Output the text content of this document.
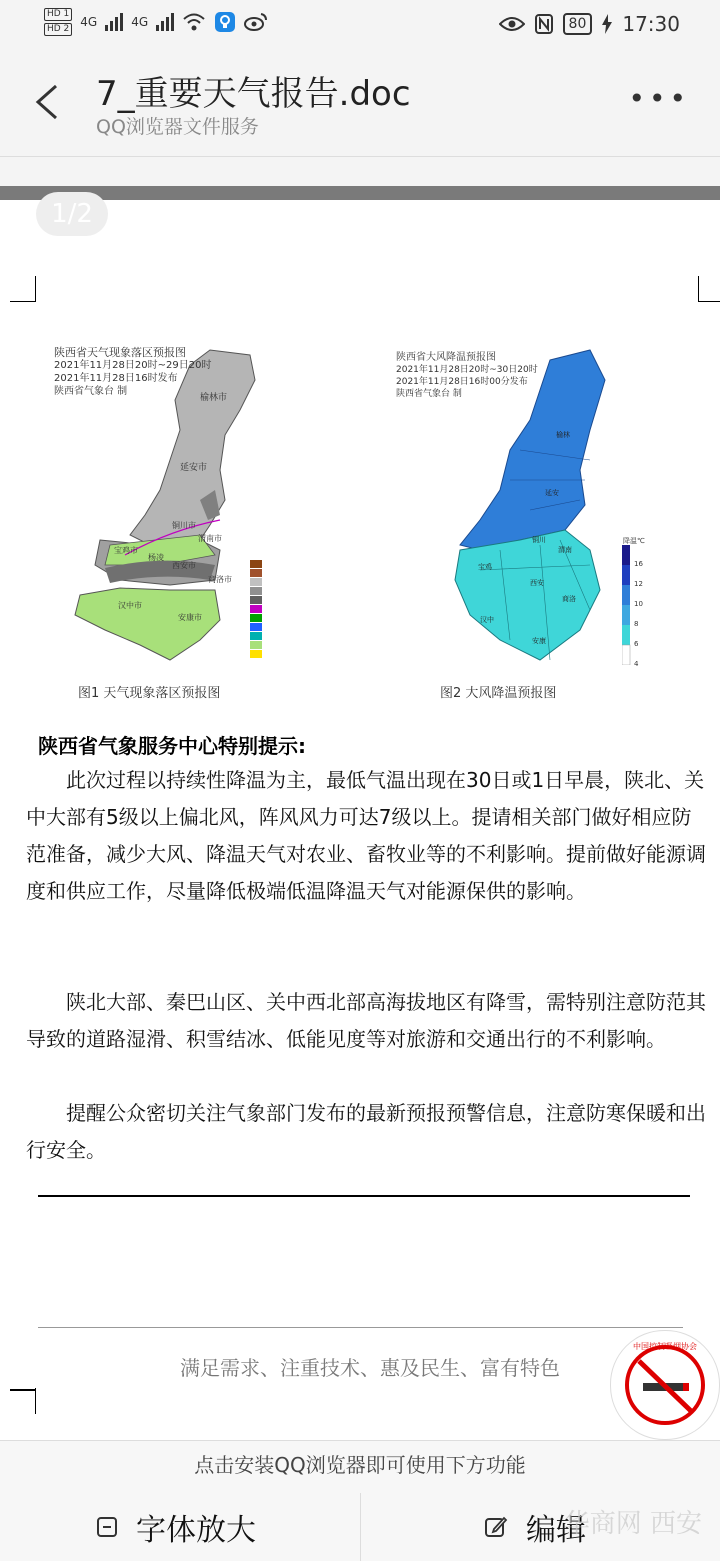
HD 1
HD 2 4G	4G	80	17:30
7_重要天气报告.doc
QQ浏览器文件服务
•••
1/2
陕西省天气现象落区预报图
2021年11月28日20时~29日20时
2021年11月28日16时发布
陕西省气象台 制
榆林市
延安市
铜川市
渭南市
宝鸡市
杨凌
西安市
商洛市
汉中市
安康市
图1 天气现象落区预报图
陕西省大风降温预报图
2021年11月28日20时~30日20时
2021年11月28日16时00分发布
陕西省气象台 制
榆林
延安
铜川
渭南
宝鸡
西安
商洛
汉中
安康
降温℃
16
12
10
8
6
4
图2 大风降温预报图
陕西省气象服务中心特别提示:
此次过程以持续性降温为主，最低气温出现在30日或1日早晨，陕北、关中大部有5级以上偏北风，阵风风力可达7级以上。提请相关部门做好相应防范准备，减少大风、降温天气对农业、畜牧业等的不利影响。提前做好能源调度和供应工作，尽量降低极端低温降温天气对能源保供的影响。
陕北大部、秦巴山区、关中西北部高海拔地区有降雪，需特别注意防范其导致的道路湿滑、积雪结冰、低能见度等对旅游和交通出行的不利影响。
提醒公众密切关注气象部门发布的最新预报预警信息，注意防寒保暖和出行安全。
满足需求、注重技术、惠及民生、富有特色
中国控制吸烟协会
点击安装QQ浏览器即可使用下方功能
字体放大	编辑
华商网 西安
